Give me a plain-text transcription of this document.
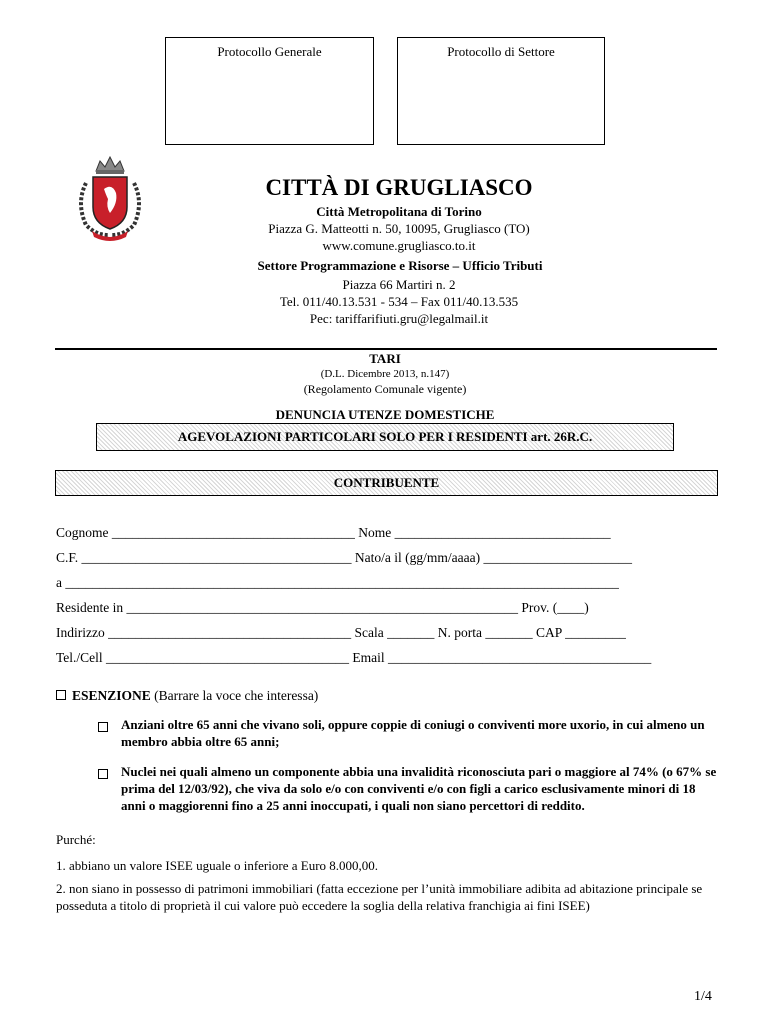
Protocollo Generale	Protocollo di Settore
CITTÀ DI GRUGLIASCO
Città Metropolitana di Torino
Piazza G. Matteotti n. 50, 10095, Grugliasco (TO)
www.comune.grugliasco.to.it
Settore Programmazione e Risorse – Ufficio Tributi
Piazza 66 Martiri n. 2
Tel. 011/40.13.531 - 534 – Fax 011/40.13.535
Pec: tariffarifiuti.gru@legalmail.it
TARI
(D.L. Dicembre 2013, n.147)
(Regolamento Comunale vigente)
DENUNCIA UTENZE DOMESTICHE
AGEVOLAZIONI PARTICOLARI SOLO PER I RESIDENTI art. 26R.C.
CONTRIBUENTE
Cognome ____________________________________ Nome ________________________________
C.F. ________________________________________ Nato/a il (gg/mm/aaaa) ______________________
a __________________________________________________________________________________
Residente in __________________________________________________________ Prov. (____)
Indirizzo ____________________________________ Scala _______ N. porta _______ CAP _________
Tel./Cell ____________________________________ Email _______________________________________
ESENZIONE (Barrare la voce che interessa)
Anziani oltre 65 anni che vivano soli, oppure coppie di coniugi o conviventi more uxorio, in cui almeno un membro abbia oltre 65 anni;
Nuclei nei quali almeno un componente abbia una invalidità riconosciuta pari o maggiore al 74% (o 67% se prima del 12/03/92), che viva da solo e/o con conviventi e/o con figli a carico esclusivamente minori di 18 anni o maggiorenni fino a 25 anni inoccupati, i quali non siano percettori di reddito.
Purché:
1. abbiano un valore ISEE uguale o inferiore a Euro 8.000,00.
2. non siano in possesso di patrimoni immobiliari (fatta eccezione per l’unità immobiliare adibita ad abitazione principale se posseduta a titolo di proprietà il cui valore può eccedere la soglia della relativa franchigia ai fini ISEE)
1/4
